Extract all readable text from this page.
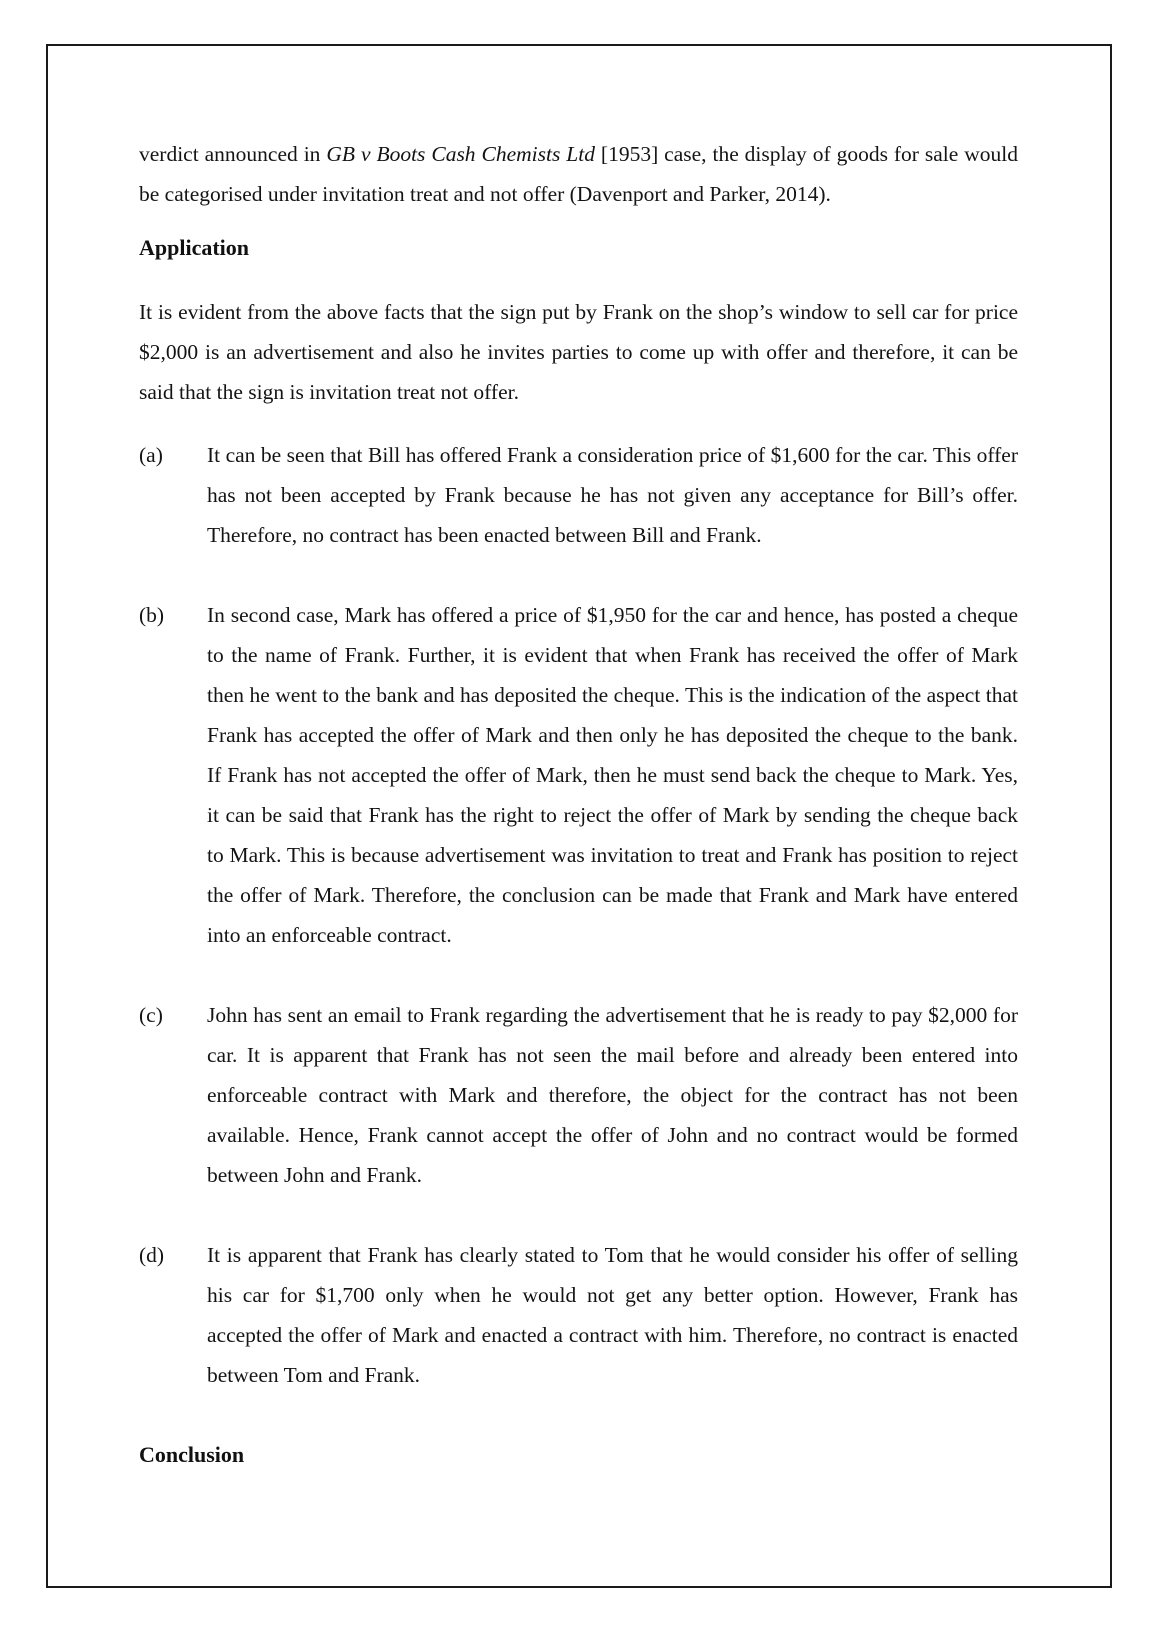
verdict announced in GB v Boots Cash Chemists Ltd [1953] case, the display of goods for sale would be categorised under invitation treat and not offer (Davenport and Parker, 2014).

Application

It is evident from the above facts that the sign put by Frank on the shop’s window to sell car for price $2,000 is an advertisement and also he invites parties to come up with offer and therefore, it can be said that the sign is invitation treat not offer.

(a)	It can be seen that Bill has offered Frank a consideration price of $1,600 for the car. This offer has not been accepted by Frank because he has not given any acceptance for Bill’s offer. Therefore, no contract has been enacted between Bill and Frank.
(b)	In second case, Mark has offered a price of $1,950 for the car and hence, has posted a cheque to the name of Frank. Further, it is evident that when Frank has received the offer of Mark then he went to the bank and has deposited the cheque. This is the indication of the aspect that Frank has accepted the offer of Mark and then only he has deposited the cheque to the bank. If Frank has not accepted the offer of Mark, then he must send back the cheque to Mark. Yes, it can be said that Frank has the right to reject the offer of Mark by sending the cheque back to Mark. This is because advertisement was invitation to treat and Frank has position to reject the offer of Mark. Therefore, the conclusion can be made that Frank and Mark have entered into an enforceable contract.
(c)	John has sent an email to Frank regarding the advertisement that he is ready to pay $2,000 for car. It is apparent that Frank has not seen the mail before and already been entered into enforceable contract with Mark and therefore, the object for the contract has not been available. Hence, Frank cannot accept the offer of John and no contract would be formed between John and Frank.
(d)	It is apparent that Frank has clearly stated to Tom that he would consider his offer of selling his car for $1,700 only when he would not get any better option. However, Frank has accepted the offer of Mark and enacted a contract with him. Therefore, no contract is enacted between Tom and Frank.
Conclusion
